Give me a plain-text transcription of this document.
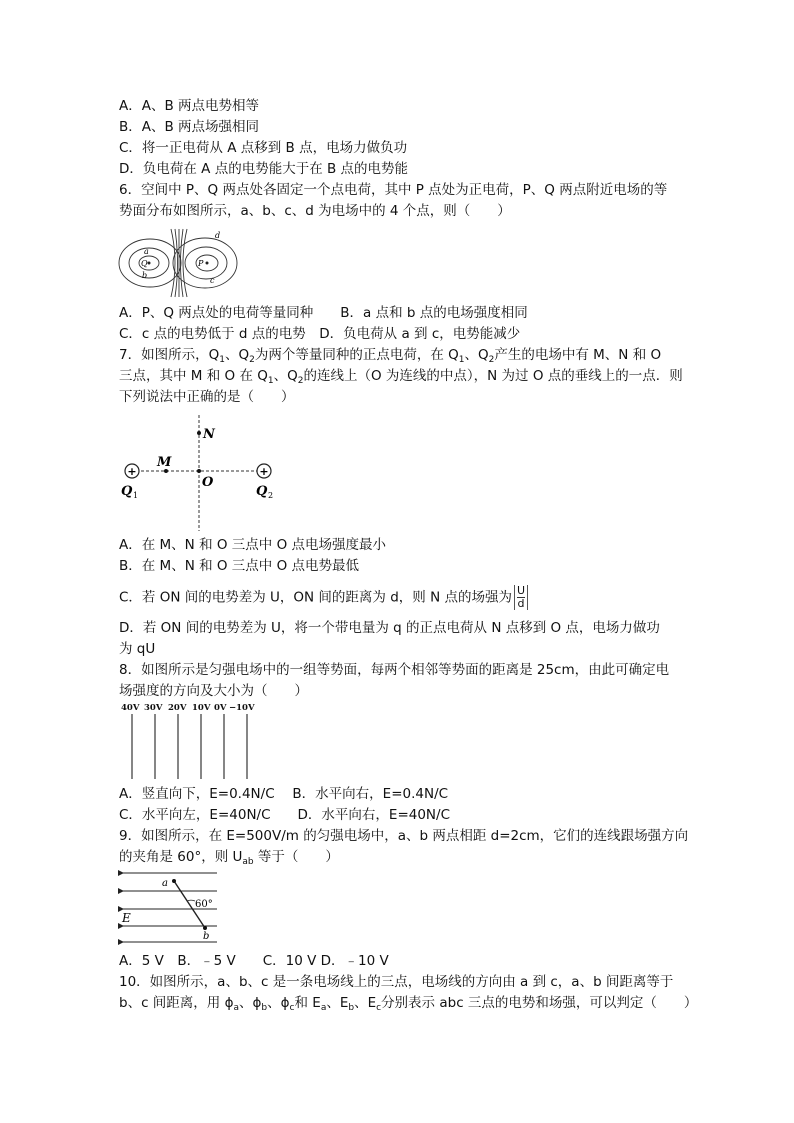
A．A、B 两点电势相等
B．A、B 两点场强相同
C．将一正电荷从 A 点移到 B 点，电场力做负功
D．负电荷在 A 点的电势能大于在 B 点的电势能
6．空间中 P、Q 两点处各固定一个点电荷，其中 P 点处为正电荷，P、Q 两点附近电场的等
势面分布如图所示，a、b、c、d 为电场中的 4 个点，则（　　）
a
b
c
d
Q	P
A．P、Q 两点处的电荷等量同种　　B．a 点和 b 点的电场强度相同
C．c 点的电势低于 d 点的电势　D．负电荷从 a 到 c，电势能减少
7．如图所示，$Q_1$、$Q_2$为两个等量同种的正点电荷，在 $Q_1$、$Q_2$产生的电场中有 M、N 和 O
三点，其中 M 和 O 在 $Q_1$、$Q_2$的连线上（O 为连线的中点），N 为过 O 点的垂线上的一点．则
下列说法中正确的是（　　）
+	+
N
M
O
Q 1	Q 2
A．在 M、N 和 O 三点中 O 点电场强度最小
B．在 M、N 和 O 三点中 O 点电势最低
C．若 ON 间的电势差为 U，ON 间的距离为 d，则 N 点的场强为 $\frac{U}{d}$
D．若 ON 间的电势差为 U，将一个带电量为 q 的正点电荷从 N 点移到 O 点，电场力做功
为 qU
8．如图所示是匀强电场中的一组等势面，每两个相邻等势面的距离是 25cm，由此可确定电
场强度的方向及大小为（　　）
40V 30V 20V 10V 0V −10V
A．竖直向下，E=0.4N/C　 B．水平向右，E=0.4N/C
C．水平向左，E=40N/C　　D．水平向右，E=40N/C
9．如图所示，在 E=500V/m 的匀强电场中，a、b 两点相距 d=2cm，它们的连线跟场强方向
的夹角是 60°，则 $U_{ab}$ 等于（　　）
a
b
E
60°
A．5 V　B．﹣5 V　　C．10 V D．﹣10 V
10．如图所示，a、b、c 是一条电场线上的三点，电场线的方向由 a 到 c，a、b 间距离等于
b、c 间距离，用 $\phi_a$、$\phi_b$、$\phi_c$和 $E_a$、$E_b$、$E_c$分别表示 abc 三点的电势和场强，可以判定（　　）
